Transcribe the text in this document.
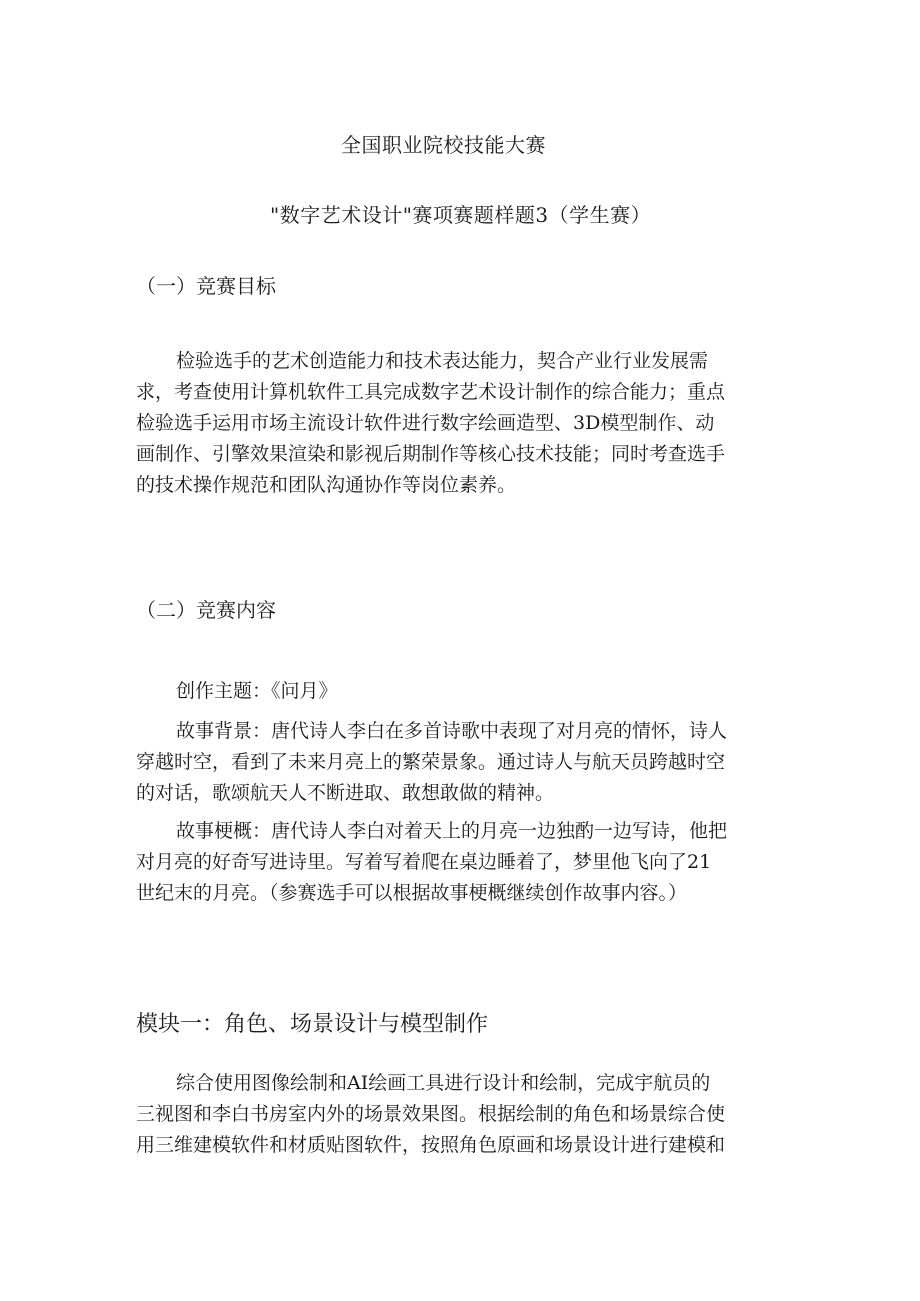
全国职业院校技能大赛

"数字艺术设计"赛项赛题样题3（学生赛）

（一）竞赛目标

检验选手的艺术创造能力和技术表达能力，契合产业行业发展需

求，考查使用计算机软件工具完成数字艺术设计制作的综合能力；重点

检验选手运用市场主流设计软件进行数字绘画造型、3D模型制作、动

画制作、引擎效果渲染和影视后期制作等核心技术技能；同时考查选手

的技术操作规范和团队沟通协作等岗位素养。

（二）竞赛内容

创作主题：《问月》

故事背景：唐代诗人李白在多首诗歌中表现了对月亮的情怀，诗人

穿越时空，看到了未来月亮上的繁荣景象。通过诗人与航天员跨越时空

的对话，歌颂航天人不断进取、敢想敢做的精神。

故事梗概：唐代诗人李白对着天上的月亮一边独酌一边写诗，他把

对月亮的好奇写进诗里。写着写着爬在桌边睡着了，梦里他飞向了21

世纪末的月亮。（参赛选手可以根据故事梗概继续创作故事内容。）

模块一：角色、场景设计与模型制作

综合使用图像绘制和AI绘画工具进行设计和绘制，完成宇航员的

三视图和李白书房室内外的场景效果图。根据绘制的角色和场景综合使

用三维建模软件和材质贴图软件，按照角色原画和场景设计进行建模和
